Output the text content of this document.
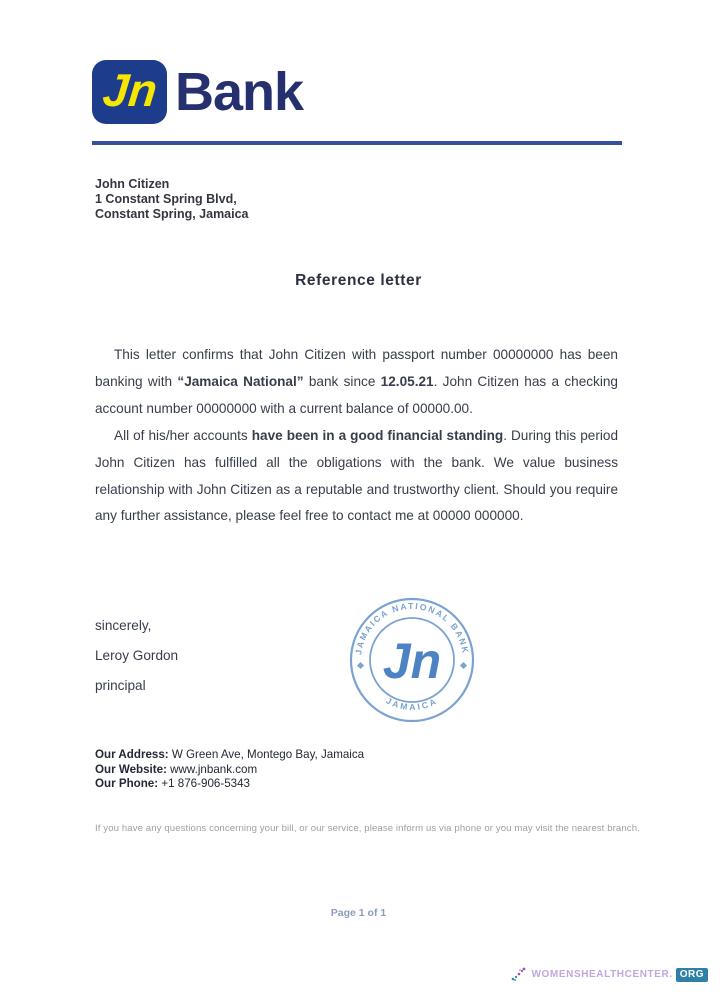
Jn Bank
John Citizen
1 Constant Spring Blvd,
Constant Spring, Jamaica
Reference letter

This letter confirms that John Citizen with passport number 00000000 has been banking with “Jamaica National” bank since 12.05.21. John Citizen has a checking account number 00000000 with a current balance of 00000.00.

All of his/her accounts have been in a good financial standing. During this period John Citizen has fulfilled all the obligations with the bank. We value business relationship with John Citizen as a reputable and trustworthy client. Should you require any further assistance, please feel free to contact me at 00000 000000.

sincerely,
Leroy Gordon
principal
JAMAICA NATIONAL BANK
JAMAICA
Jn
Our Address: W Green Ave, Montego Bay, Jamaica
Our Website: www.jnbank.com
Our Phone: +1 876-906-5343
If you have any questions concerning your bill, or our service, please inform us via phone or you may visit the nearest branch.
Page 1 of 1
WOMENSHEALTHCENTER. ORG
